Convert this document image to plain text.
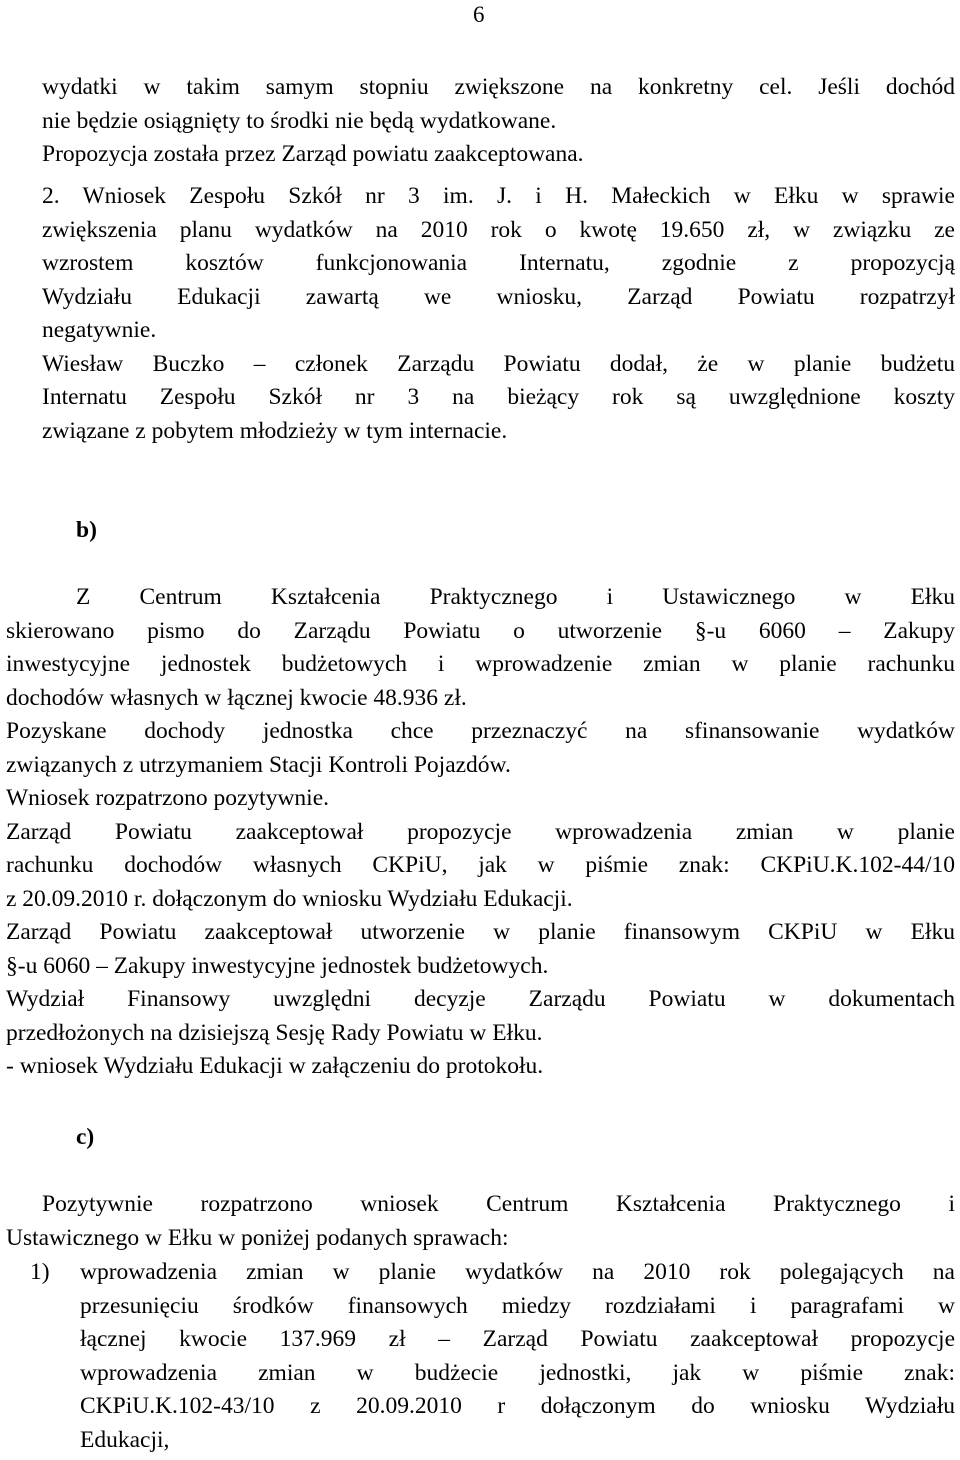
6
wydatki w takim samym stopniu zwiększone na konkretny cel. Jeśli dochód
nie będzie osiągnięty to środki nie będą wydatkowane.
Propozycja została przez Zarząd powiatu zaakceptowana.
2. Wniosek Zespołu Szkół nr 3 im. J. i H. Małeckich w Ełku w sprawie
zwiększenia planu wydatków na 2010 rok o kwotę 19.650 zł, w związku ze
wzrostem kosztów funkcjonowania Internatu, zgodnie z propozycją
Wydziału Edukacji zawartą we wniosku, Zarząd Powiatu rozpatrzył
negatywnie.
Wiesław Buczko – członek Zarządu Powiatu dodał, że w planie budżetu
Internatu Zespołu Szkół nr 3 na bieżący rok są uwzględnione koszty
związane z pobytem młodzieży w tym internacie.
b)
Z Centrum Kształcenia Praktycznego i Ustawicznego w Ełku
skierowano pismo do Zarządu Powiatu o utworzenie §-u 6060 – Zakupy
inwestycyjne jednostek budżetowych i wprowadzenie zmian w planie rachunku
dochodów własnych w łącznej kwocie 48.936 zł.
Pozyskane dochody jednostka chce przeznaczyć na sfinansowanie wydatków
związanych z utrzymaniem Stacji Kontroli Pojazdów.
Wniosek rozpatrzono pozytywnie.
Zarząd Powiatu zaakceptował propozycje wprowadzenia zmian w planie
rachunku dochodów własnych CKPiU, jak w piśmie znak: CKPiU.K.102-44/10
z 20.09.2010 r. dołączonym do wniosku Wydziału Edukacji.
Zarząd Powiatu zaakceptował utworzenie w planie finansowym CKPiU w Ełku
§-u 6060 – Zakupy inwestycyjne jednostek budżetowych.
Wydział Finansowy uwzględni decyzje Zarządu Powiatu w dokumentach
przedłożonych na dzisiejszą Sesję Rady Powiatu w Ełku.
- wniosek Wydziału Edukacji w załączeniu do protokołu.
c)
Pozytywnie rozpatrzono wniosek Centrum Kształcenia Praktycznego i
Ustawicznego w Ełku w poniżej podanych sprawach:
1) wprowadzenia zmian w planie wydatków na 2010 rok polegających na
przesunięciu środków finansowych miedzy rozdziałami i paragrafami w
łącznej kwocie 137.969 zł – Zarząd Powiatu zaakceptował propozycje
wprowadzenia zmian w budżecie jednostki, jak w piśmie znak:
CKPiU.K.102-43/10 z 20.09.2010 r dołączonym do wniosku Wydziału
Edukacji,
